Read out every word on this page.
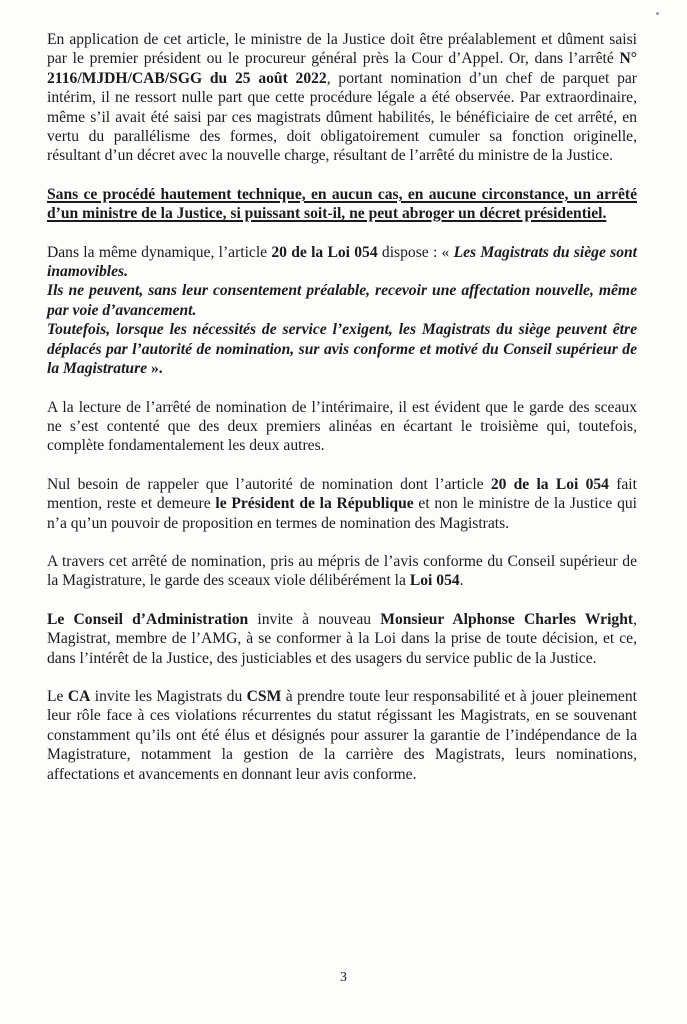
En application de cet article, le ministre de la Justice doit être préalablement et dûment saisi par le premier président ou le procureur général près la Cour d’Appel. Or, dans l’arrêté N° 2116/MJDH/CAB/SGG du 25 août 2022, portant nomination d’un chef de parquet par intérim, il ne ressort nulle part que cette procédure légale a été observée. Par extraordinaire, même s’il avait été saisi par ces magistrats dûment habilités, le bénéficiaire de cet arrêté, en vertu du parallélisme des formes, doit obligatoirement cumuler sa fonction originelle, résultant d’un décret avec la nouvelle charge, résultant de l’arrêté du ministre de la Justice.

Sans ce procédé hautement technique, en aucun cas, en aucune circonstance, un arrêté d’un ministre de la Justice, si puissant soit-il, ne peut abroger un décret présidentiel.

Dans la même dynamique, l’article 20 de la Loi 054 dispose : « Les Magistrats du siège sont inamovibles.
Ils ne peuvent, sans leur consentement préalable, recevoir une affectation nouvelle, même par voie d’avancement.
Toutefois, lorsque les nécessités de service l’exigent, les Magistrats du siège peuvent être déplacés par l’autorité de nomination, sur avis conforme et motivé du Conseil supérieur de la Magistrature ».

A la lecture de l’arrêté de nomination de l’intérimaire, il est évident que le garde des sceaux ne s’est contenté que des deux premiers alinéas en écartant le troisième qui, toutefois, complète fondamentalement les deux autres.

Nul besoin de rappeler que l’autorité de nomination dont l’article 20 de la Loi 054 fait mention, reste et demeure le Président de la République et non le ministre de la Justice qui n’a qu’un pouvoir de proposition en termes de nomination des Magistrats.

A travers cet arrêté de nomination, pris au mépris de l’avis conforme du Conseil supérieur de la Magistrature, le garde des sceaux viole délibérément la Loi 054.

Le Conseil d’Administration invite à nouveau Monsieur Alphonse Charles Wright, Magistrat, membre de l’AMG, à se conformer à la Loi dans la prise de toute décision, et ce, dans l’intérêt de la Justice, des justiciables et des usagers du service public de la Justice.

Le CA invite les Magistrats du CSM à prendre toute leur responsabilité et à jouer pleinement leur rôle face à ces violations récurrentes du statut régissant les Magistrats, en se souvenant constamment qu’ils ont été élus et désignés pour assurer la garantie de l’indépendance de la Magistrature, notamment la gestion de la carrière des Magistrats, leurs nominations, affectations et avancements en donnant leur avis conforme.

3
